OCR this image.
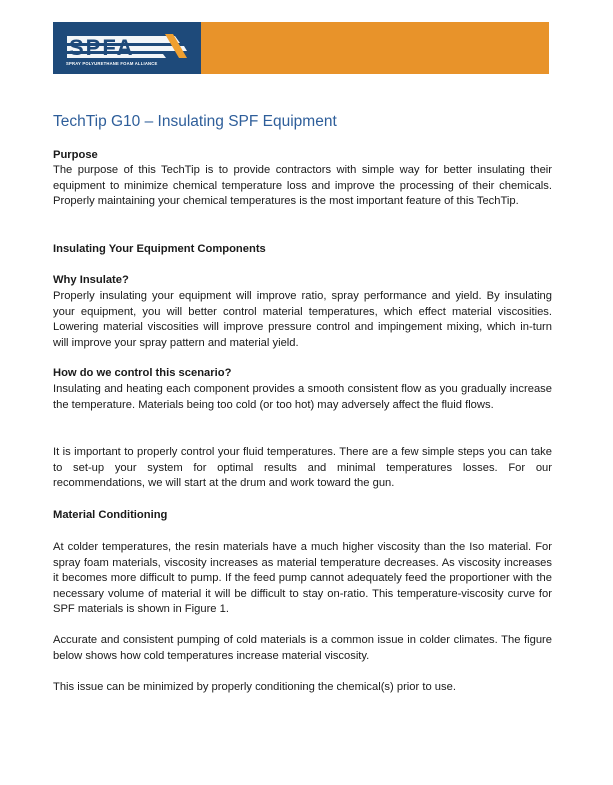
SPFA
SPRAY POLYURETHANE FOAM ALLIANCE
TechTip G10 – Insulating SPF Equipment
Purpose

The purpose of this TechTip is to provide contractors with simple way for better insulating their equipment to minimize chemical temperature loss and improve the processing of their chemicals. Properly maintaining your chemical temperatures is the most important feature of this TechTip.

Insulating Your Equipment Components
Why Insulate?

Properly insulating your equipment will improve ratio, spray performance and yield. By insulating your equipment, you will better control material temperatures, which effect material viscosities. Lowering material viscosities will improve pressure control and impingement mixing, which in-turn will improve your spray pattern and material yield.

How do we control this scenario?

Insulating and heating each component provides a smooth consistent flow as you gradually increase the temperature. Materials being too cold (or too hot) may adversely affect the fluid flows.

It is important to properly control your fluid temperatures. There are a few simple steps you can take to set-up your system for optimal results and minimal temperatures losses. For our recommendations, we will start at the drum and work toward the gun.

Material Conditioning

At colder temperatures, the resin materials have a much higher viscosity than the Iso material. For spray foam materials, viscosity increases as material temperature decreases. As viscosity increases it becomes more difficult to pump. If the feed pump cannot adequately feed the proportioner with the necessary volume of material it will be difficult to stay on-ratio. This temperature-viscosity curve for SPF materials is shown in Figure 1.

Accurate and consistent pumping of cold materials is a common issue in colder climates. The figure below shows how cold temperatures increase material viscosity.

This issue can be minimized by properly conditioning the chemical(s) prior to use.
